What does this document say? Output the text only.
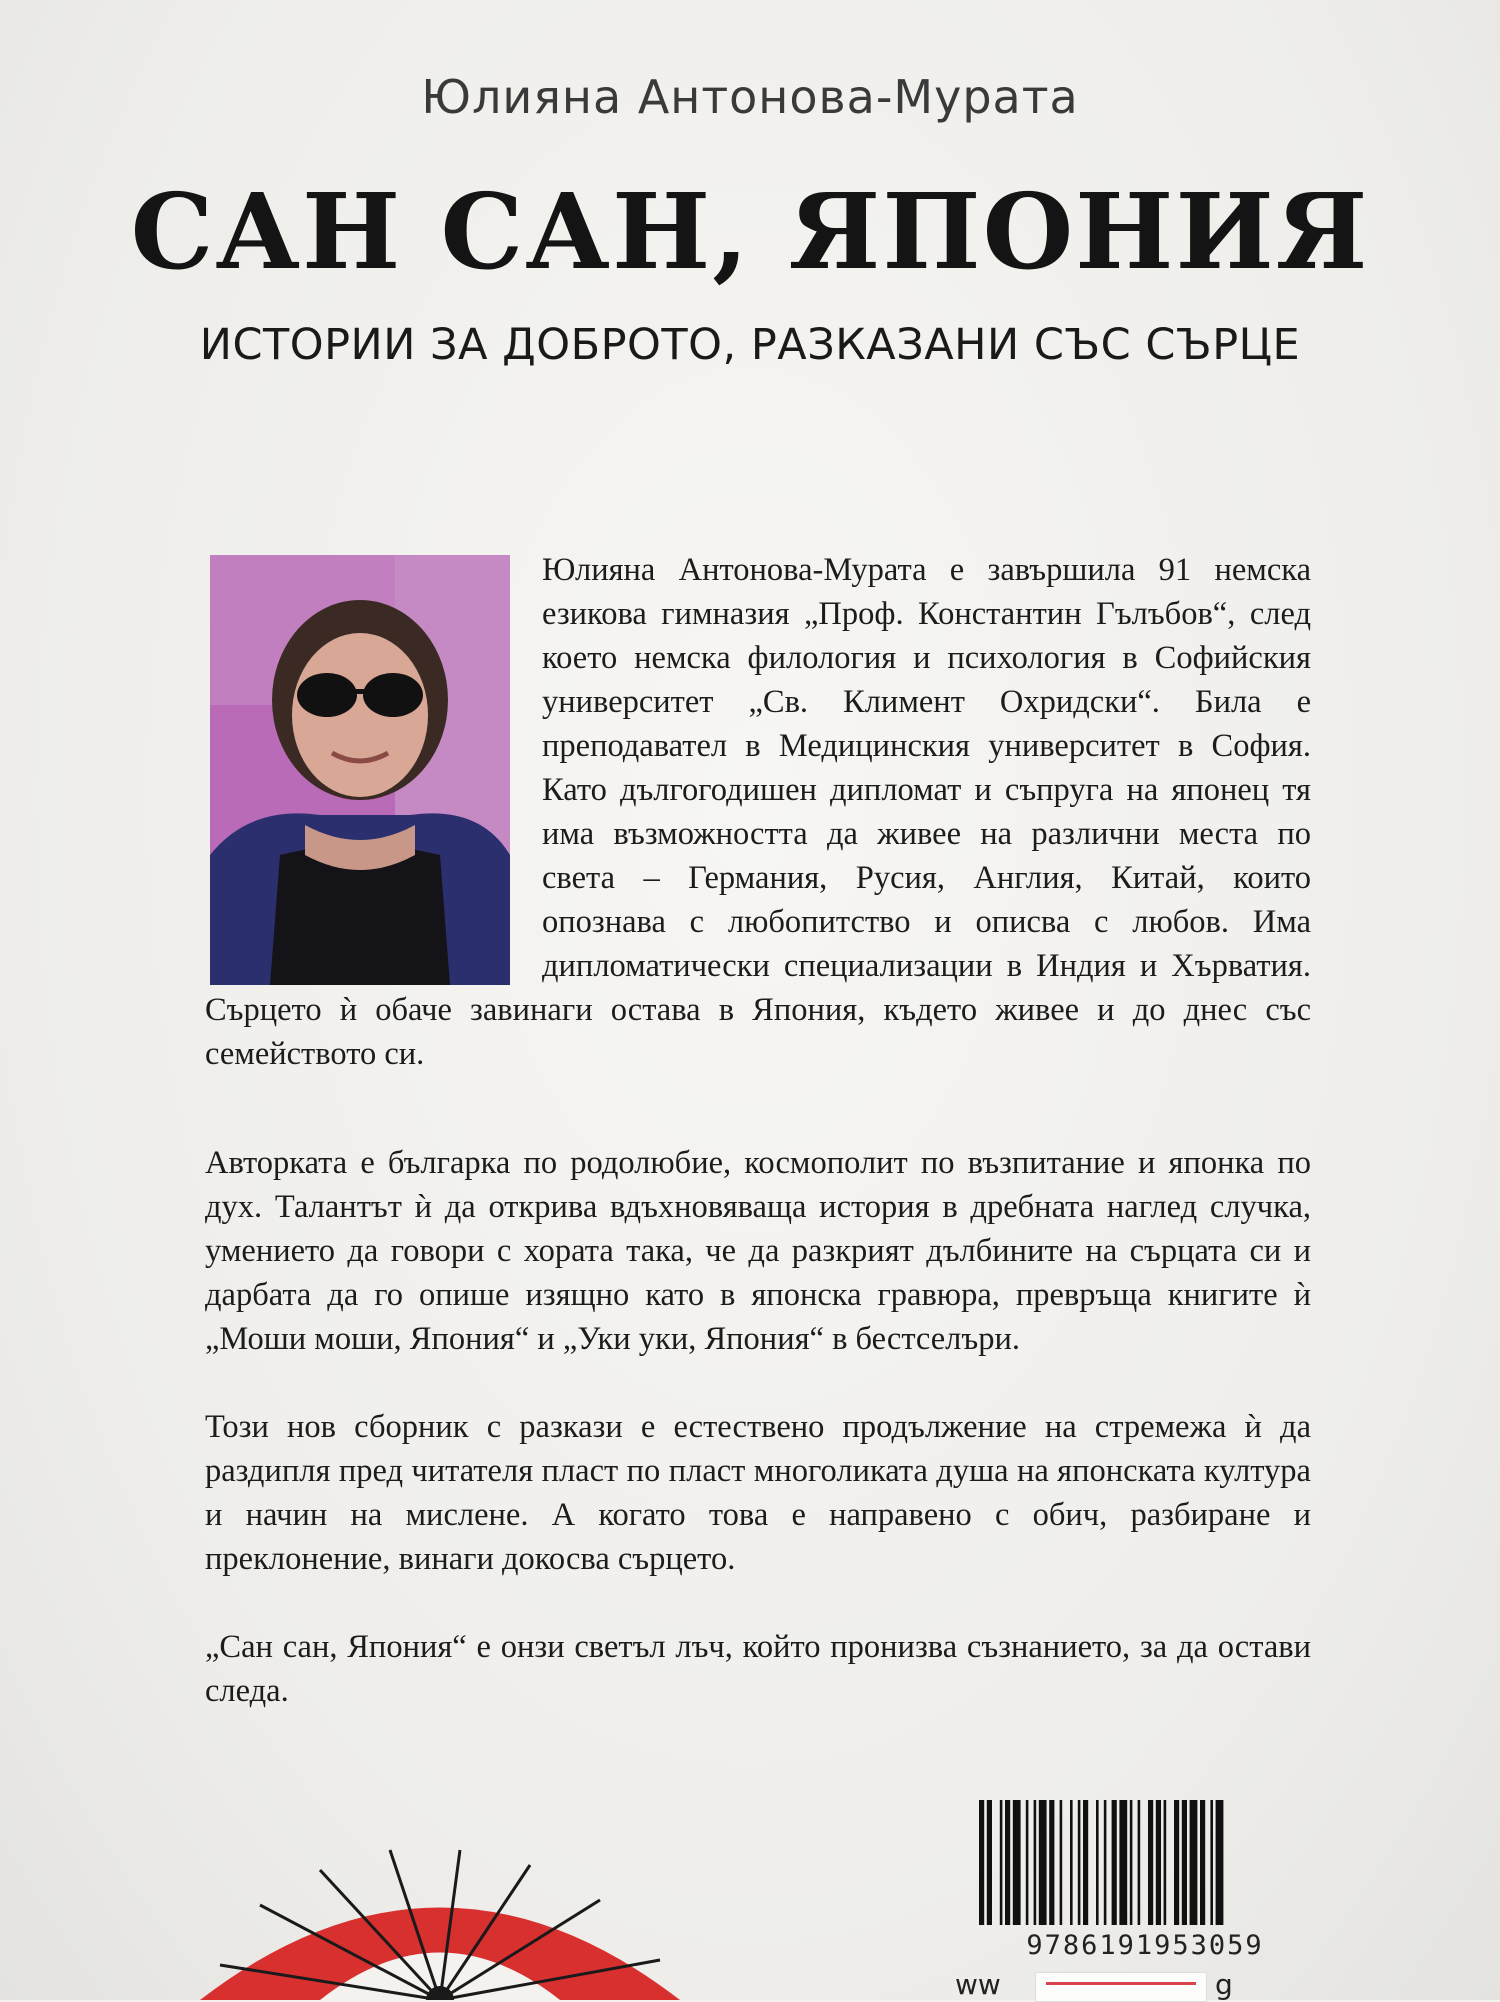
Юлияна Антонова-Мурата
САН САН, ЯПОНИЯ
ИСТОРИИ ЗА ДОБРОТО, РАЗКАЗАНИ СЪС СЪРЦЕ

Юлияна Антонова-Мурата е завършила 91 немска езикова гимназия „Проф. Константин Гълъбов“, след което немска филология и психология в Софийския университет „Св. Климент Охридски“. Била е преподавател в Медицинския университет в София. Като дългогодишен дипломат и съпруга на японец тя има възможността да живее на различни места по света – Германия, Русия, Англия, Китай, които опознава с любопитство и описва с любов. Има дипломатически специализации в Индия и Хърватия. Сърцето ѝ обаче завинаги остава в Япония, където живее и до днес със семейството си.

Авторката е българка по родолюбие, космополит по възпитание и японка по дух. Талантът ѝ да открива вдъхновяваща история в дребната наглед случка, умението да говори с хората така, че да разкрият дълбините на сърцата си и дарбата да го опише изящно като в японска гравюра, превръща книгите ѝ „Моши моши, Япония“ и „Уки уки, Япония“ в бестселъри.

Този нов сборник с разкази е естествено продължение на стремежа ѝ да раздипля пред читателя пласт по пласт многоликата душа на японската култура и начин на мислене. А когато това е направено с обич, разбиране и преклонение, винаги докосва сърцето.

„Сан сан, Япония“ е онзи светъл лъч, който пронизва съзнанието, за да остави следа.

9786191953059
ww	g
